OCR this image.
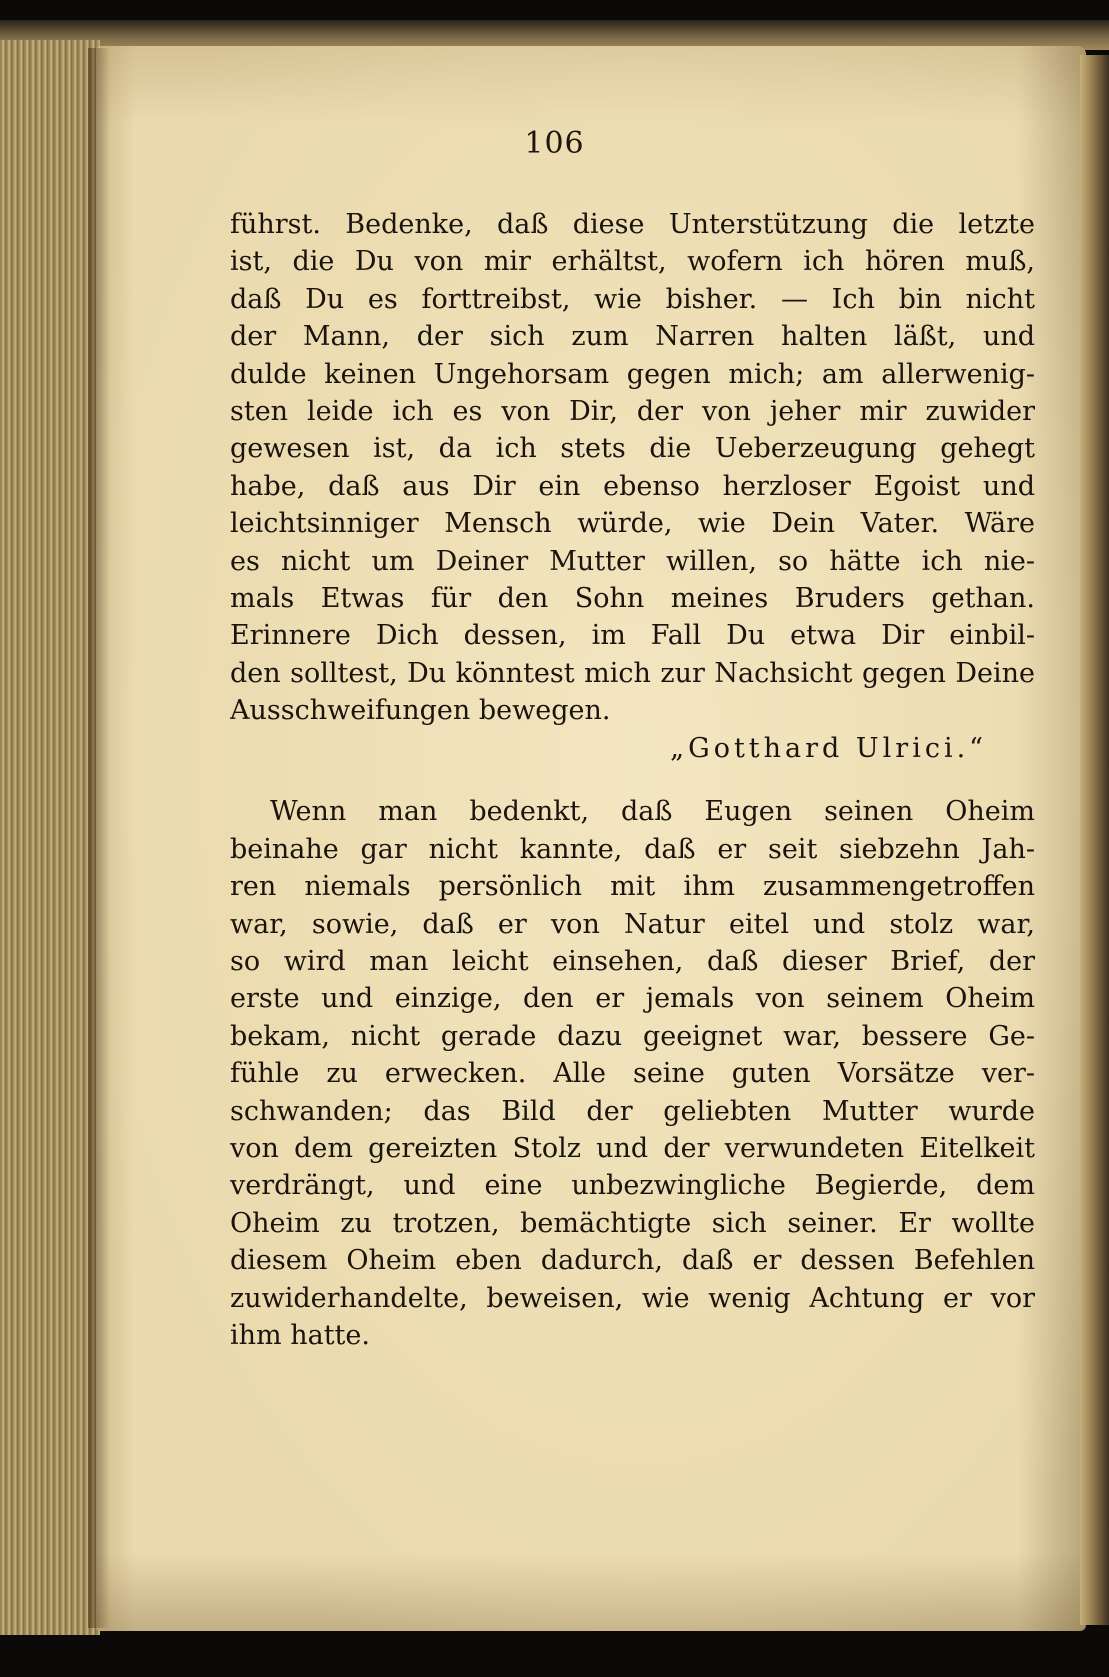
106
führst. Bedenke, daß diese Unterstützung die letzte
ist, die Du von mir erhältst, wofern ich hören muß,
daß Du es forttreibst, wie bisher. — Ich bin nicht
der Mann, der sich zum Narren halten läßt, und
dulde keinen Ungehorsam gegen mich; am allerwenig-
sten leide ich es von Dir, der von jeher mir zuwider
gewesen ist, da ich stets die Ueberzeugung gehegt
habe, daß aus Dir ein ebenso herzloser Egoist und
leichtsinniger Mensch würde, wie Dein Vater. Wäre
es nicht um Deiner Mutter willen, so hätte ich nie-
mals Etwas für den Sohn meines Bruders gethan.
Erinnere Dich dessen, im Fall Du etwa Dir einbil-
den solltest, Du könntest mich zur Nachsicht gegen Deine
Ausschweifungen bewegen.
„Gotthard Ulrici.“
Wenn man bedenkt, daß Eugen seinen Oheim
beinahe gar nicht kannte, daß er seit siebzehn Jah-
ren niemals persönlich mit ihm zusammengetroffen
war, sowie, daß er von Natur eitel und stolz war,
so wird man leicht einsehen, daß dieser Brief, der
erste und einzige, den er jemals von seinem Oheim
bekam, nicht gerade dazu geeignet war, bessere Ge-
fühle zu erwecken. Alle seine guten Vorsätze ver-
schwanden; das Bild der geliebten Mutter wurde
von dem gereizten Stolz und der verwundeten Eitelkeit
verdrängt, und eine unbezwingliche Begierde, dem
Oheim zu trotzen, bemächtigte sich seiner. Er wollte
diesem Oheim eben dadurch, daß er dessen Befehlen
zuwiderhandelte, beweisen, wie wenig Achtung er vor
ihm hatte.
